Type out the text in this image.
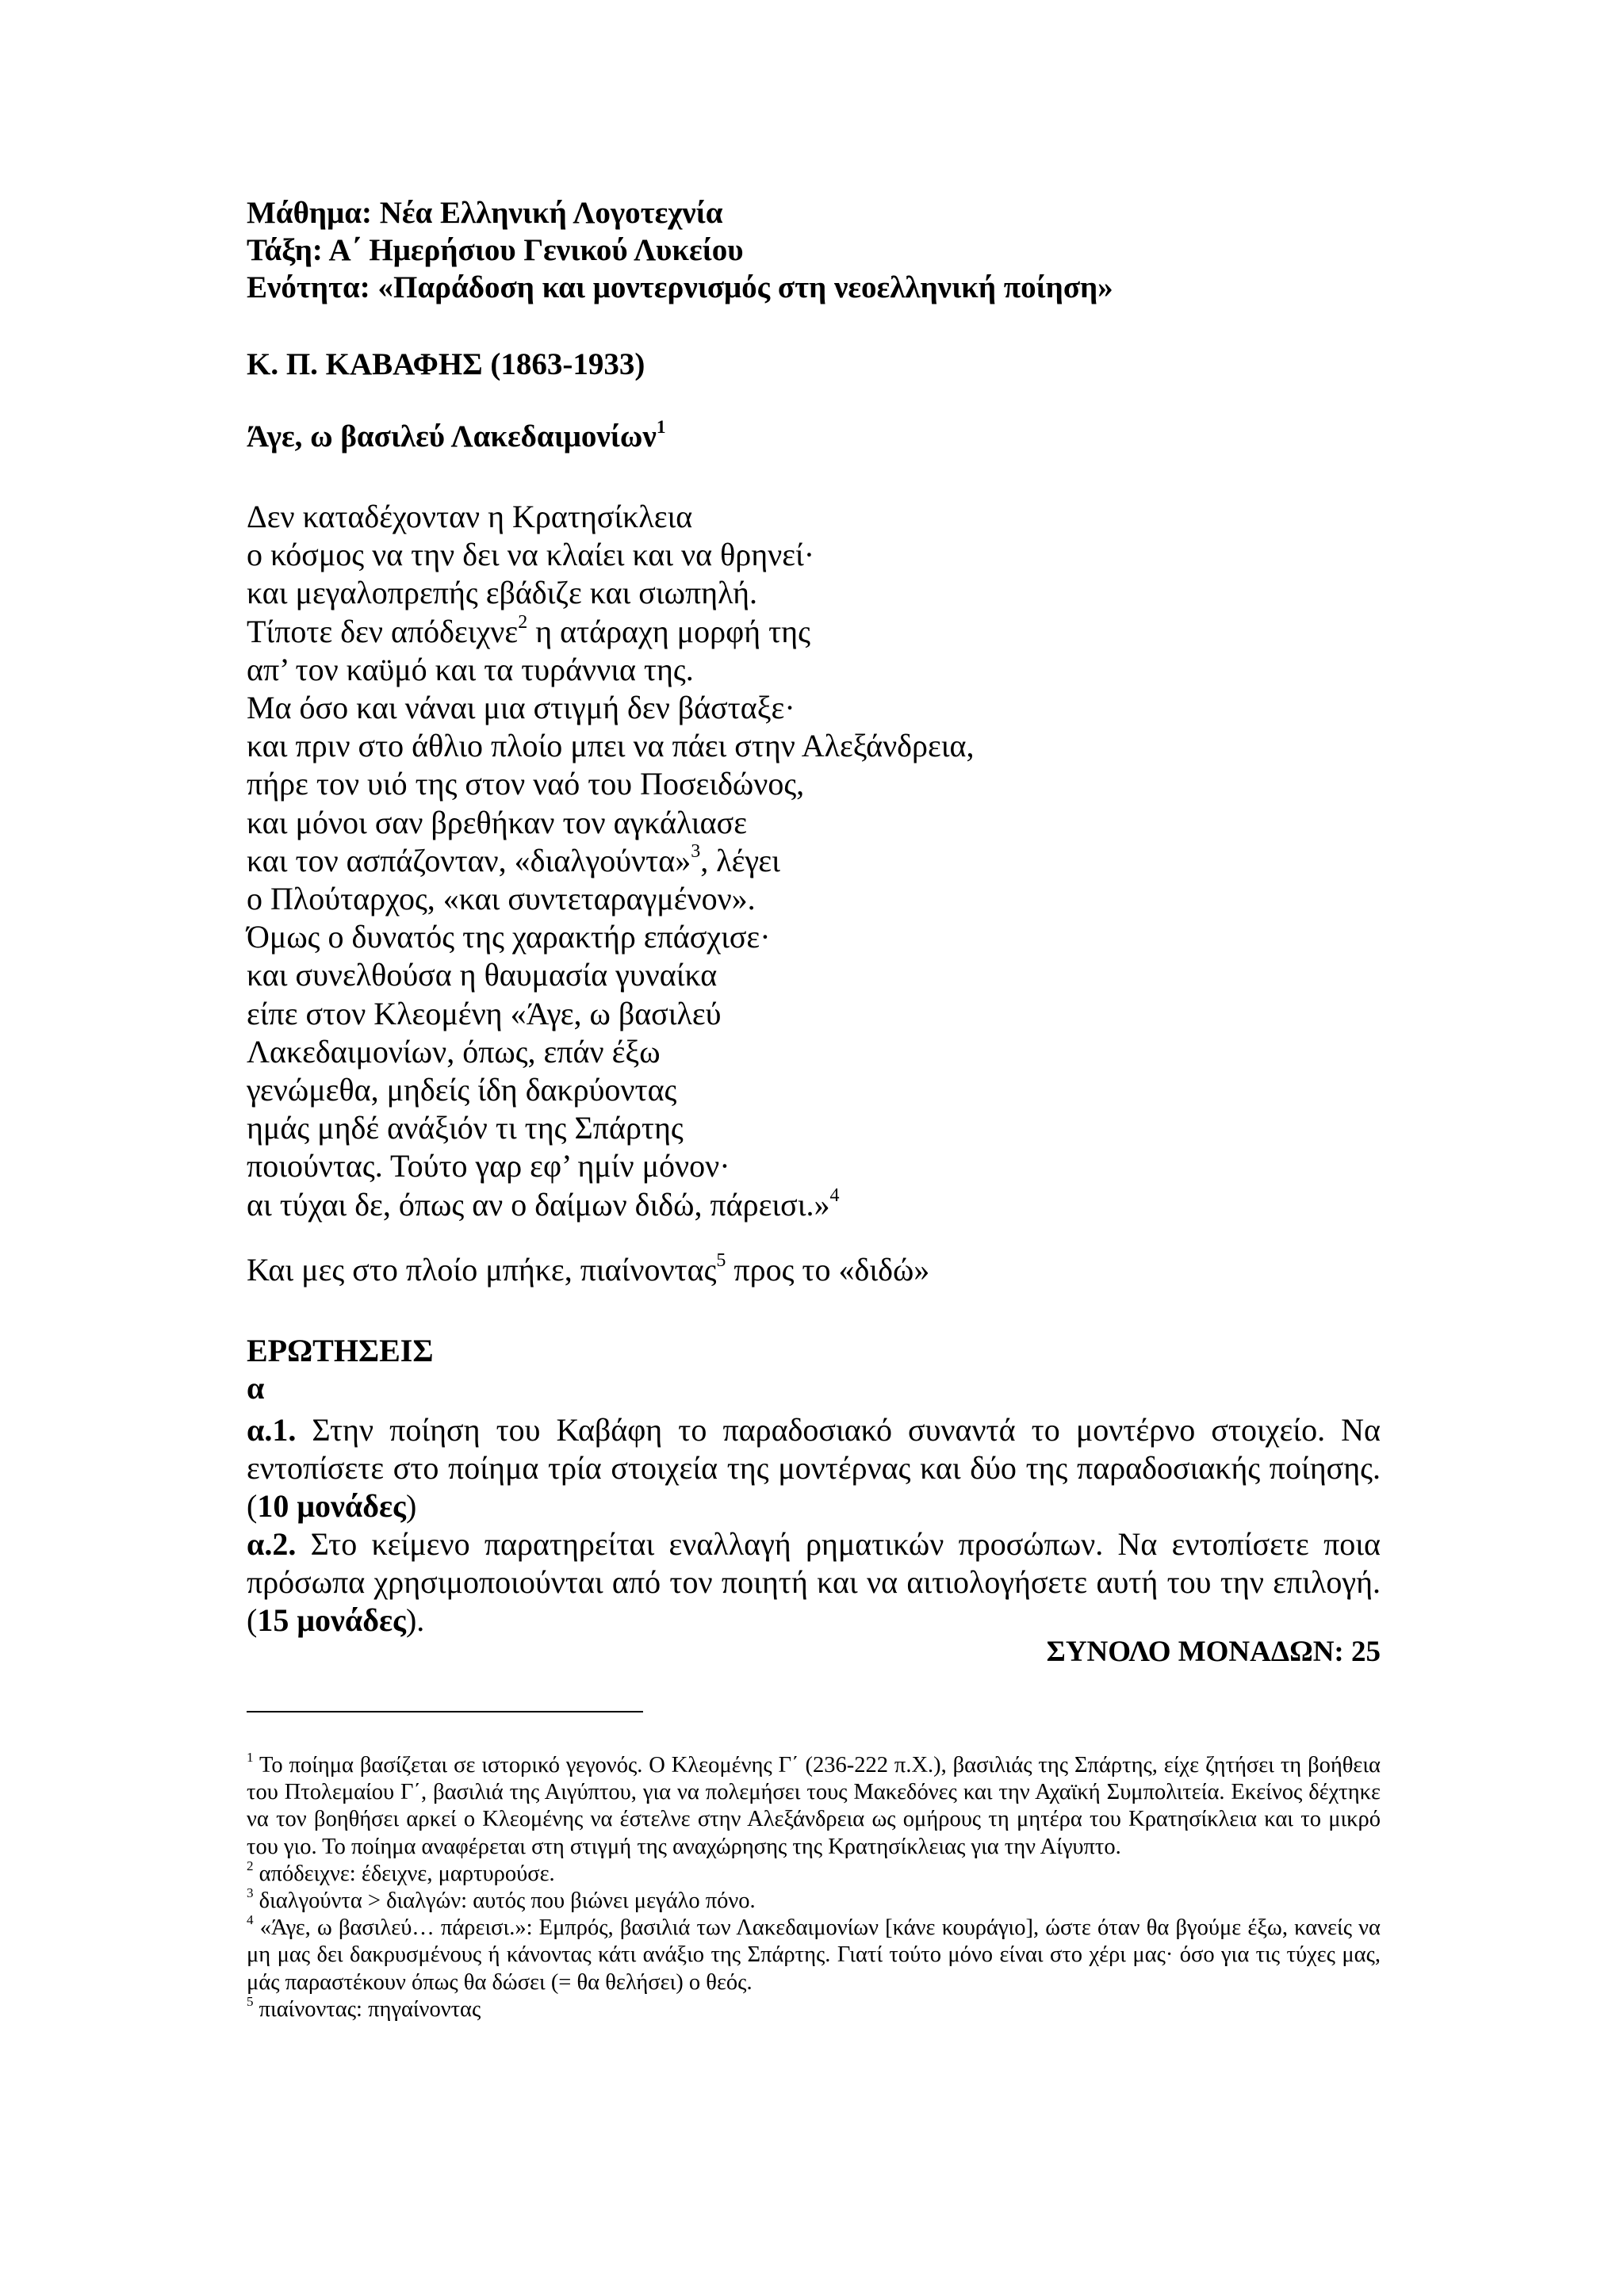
Μάθημα: Νέα Ελληνική Λογοτεχνία
Τάξη: Α΄ Ημερήσιου Γενικού Λυκείου
Ενότητα: «Παράδοση και μοντερνισμός στη νεοελληνική ποίηση»
Κ. Π. ΚΑΒΑΦΗΣ (1863-1933)
Άγε, ω βασιλεύ Λακεδαιμονίων$^1$
Δεν καταδέχονταν η Κρατησίκλεια
ο κόσμος να την δει να κλαίει και να θρηνεί·
και μεγαλοπρεπής εβάδιζε και σιωπηλή.
Τίποτε δεν απόδειχνε$^2$ η ατάραχη μορφή της
απ’ τον καϋμό και τα τυράννια της.
Μα όσο και νάναι μια στιγμή δεν βάσταξε·
και πριν στο άθλιο πλοίο μπει να πάει στην Αλεξάνδρεια,
πήρε τον υιό της στον ναό του Ποσειδώνος,
και μόνοι σαν βρεθήκαν τον αγκάλιασε
και τον ασπάζονταν, «διαλγούντα»$^3$, λέγει
ο Πλούταρχος, «και συντεταραγμένον».
Όμως ο δυνατός της χαρακτήρ επάσχισε·
και συνελθούσα η θαυμασία γυναίκα
είπε στον Κλεομένη «Άγε, ω βασιλεύ
Λακεδαιμονίων, όπως, επάν έξω
γενώμεθα, μηδείς ίδη δακρύοντας
ημάς μηδέ ανάξιόν τι της Σπάρτης
ποιούντας. Τούτο γαρ εφ’ ημίν μόνον·
αι τύχαι δε, όπως αν ο δαίμων διδώ, πάρεισι.»$^4$
Και μες στο πλοίο μπήκε, πιαίνοντας$^5$ προς το «διδώ»
ΕΡΩΤΗΣΕΙΣ
α

α.1. Στην ποίηση του Καβάφη το παραδοσιακό συναντά το μοντέρνο στοιχείο. Να εντοπίσετε στο ποίημα τρία στοιχεία της μοντέρνας και δύο της παραδοσιακής ποίησης. (10 μονάδες)

α.2. Στο κείμενο παρατηρείται εναλλαγή ρηματικών προσώπων. Να εντοπίσετε ποια πρόσωπα χρησιμοποιούνται από τον ποιητή και να αιτιολογήσετε αυτή του την επιλογή. (15 μονάδες).

ΣΥΝΟΛΟ ΜΟΝΑΔΩΝ: 25

$^1$ Το ποίημα βασίζεται σε ιστορικό γεγονός. Ο Κλεομένης Γ΄ (236-222 π.Χ.), βασιλιάς της Σπάρτης, είχε ζητήσει τη βοήθεια του Πτολεμαίου Γ΄, βασιλιά της Αιγύπτου, για να πολεμήσει τους Μακεδόνες και την Αχαϊκή Συμπολιτεία. Εκείνος δέχτηκε να τον βοηθήσει αρκεί ο Κλεομένης να έστελνε στην Αλεξάνδρεια ως ομήρους τη μητέρα του Κρατησίκλεια και το μικρό του γιο. Το ποίημα αναφέρεται στη στιγμή της αναχώρησης της Κρατησίκλειας για την Αίγυπτο.

$^2$ απόδειχνε: έδειχνε, μαρτυρούσε.

$^3$ διαλγούντα > διαλγών: αυτός που βιώνει μεγάλο πόνο.

$^4$ «Άγε, ω βασιλεύ… πάρεισι.»: Εμπρός, βασιλιά των Λακεδαιμονίων [κάνε κουράγιο], ώστε όταν θα βγούμε έξω, κανείς να μη μας δει δακρυσμένους ή κάνοντας κάτι ανάξιο της Σπάρτης. Γιατί τούτο μόνο είναι στο χέρι μας· όσο για τις τύχες μας, μάς παραστέκουν όπως θα δώσει (= θα θελήσει) ο θεός.

$^5$ πιαίνοντας: πηγαίνοντας
